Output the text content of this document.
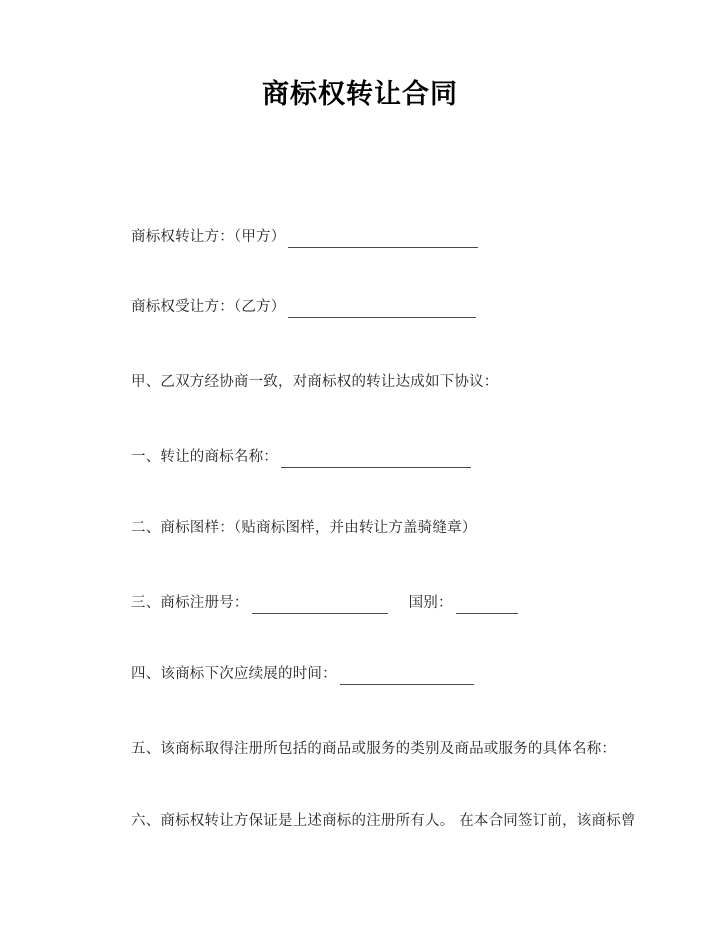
商标权转让合同
商标权转让方：（甲方）
商标权受让方：（乙方）
甲、乙双方经协商一致，对商标权的转让达成如下协议：
一、转让的商标名称：
二、商标图样：（贴商标图样，并由转让方盖骑缝章）
三、商标注册号：	国别：
四、该商标下次应续展的时间：
五、该商标取得注册所包括的商品或服务的类别及商品或服务的具体名称：
六、商标权转让方保证是上述商标的注册所有人。 在本合同签订前，该商标曾
